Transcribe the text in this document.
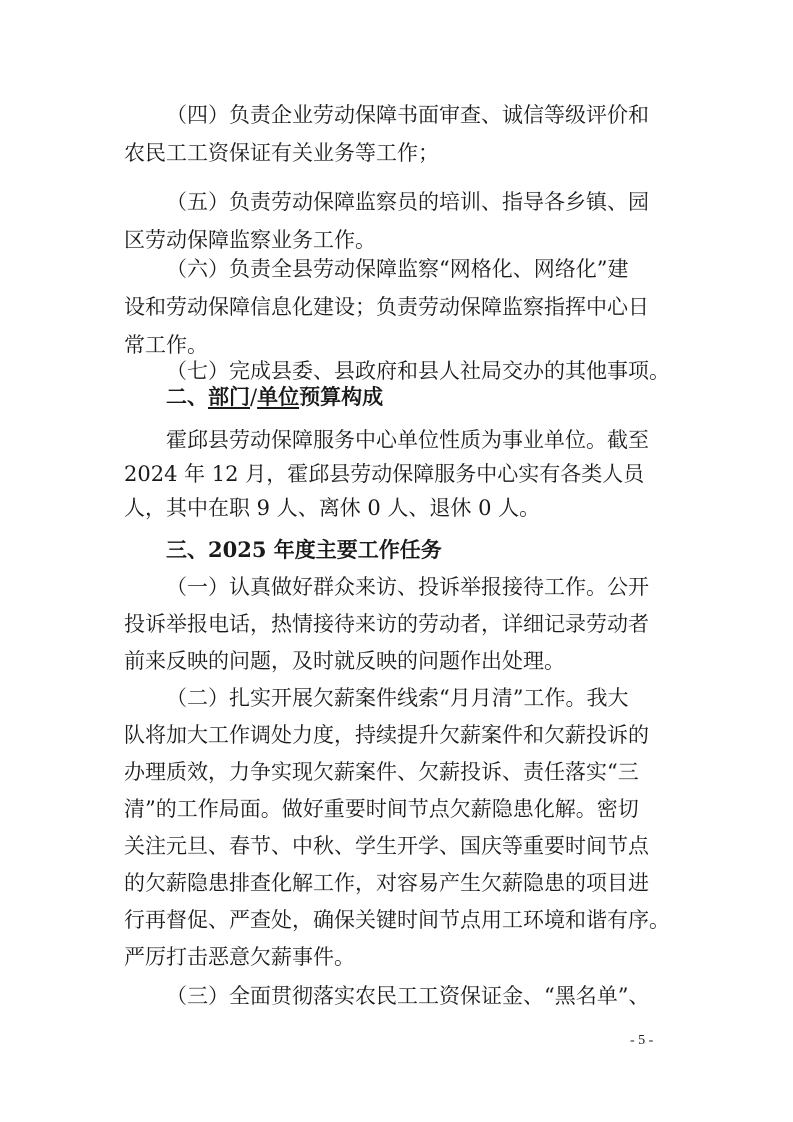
（四）负责企业劳动保障书面审查、诚信等级评价和
农民工工资保证有关业务等工作；
（五）负责劳动保障监察员的培训、指导各乡镇、园
区劳动保障监察业务工作。
（六）负责全县劳动保障监察“网格化、网络化”建
设和劳动保障信息化建设；负责劳动保障监察指挥中心日
常工作。
（七）完成县委、县政府和县人社局交办的其他事项。
二、部门/单位预算构成
霍邱县劳动保障服务中心单位性质为事业单位。截至
2024 年 12 月，霍邱县劳动保障服务中心实有各类人员
人，其中在职 9 人、离休 0 人、退休 0 人。
三、2025 年度主要工作任务
（一）认真做好群众来访、投诉举报接待工作。公开
投诉举报电话，热情接待来访的劳动者，详细记录劳动者
前来反映的问题，及时就反映的问题作出处理。
（二）扎实开展欠薪案件线索“月月清”工作。我大
队将加大工作调处力度，持续提升欠薪案件和欠薪投诉的
办理质效，力争实现欠薪案件、欠薪投诉、责任落实“三
清”的工作局面。做好重要时间节点欠薪隐患化解。密切
关注元旦、春节、中秋、学生开学、国庆等重要时间节点
的欠薪隐患排查化解工作，对容易产生欠薪隐患的项目进
行再督促、严查处，确保关键时间节点用工环境和谐有序。
严厉打击恶意欠薪事件。
（三）全面贯彻落实农民工工资保证金、“黑名单”、
- 5 -
